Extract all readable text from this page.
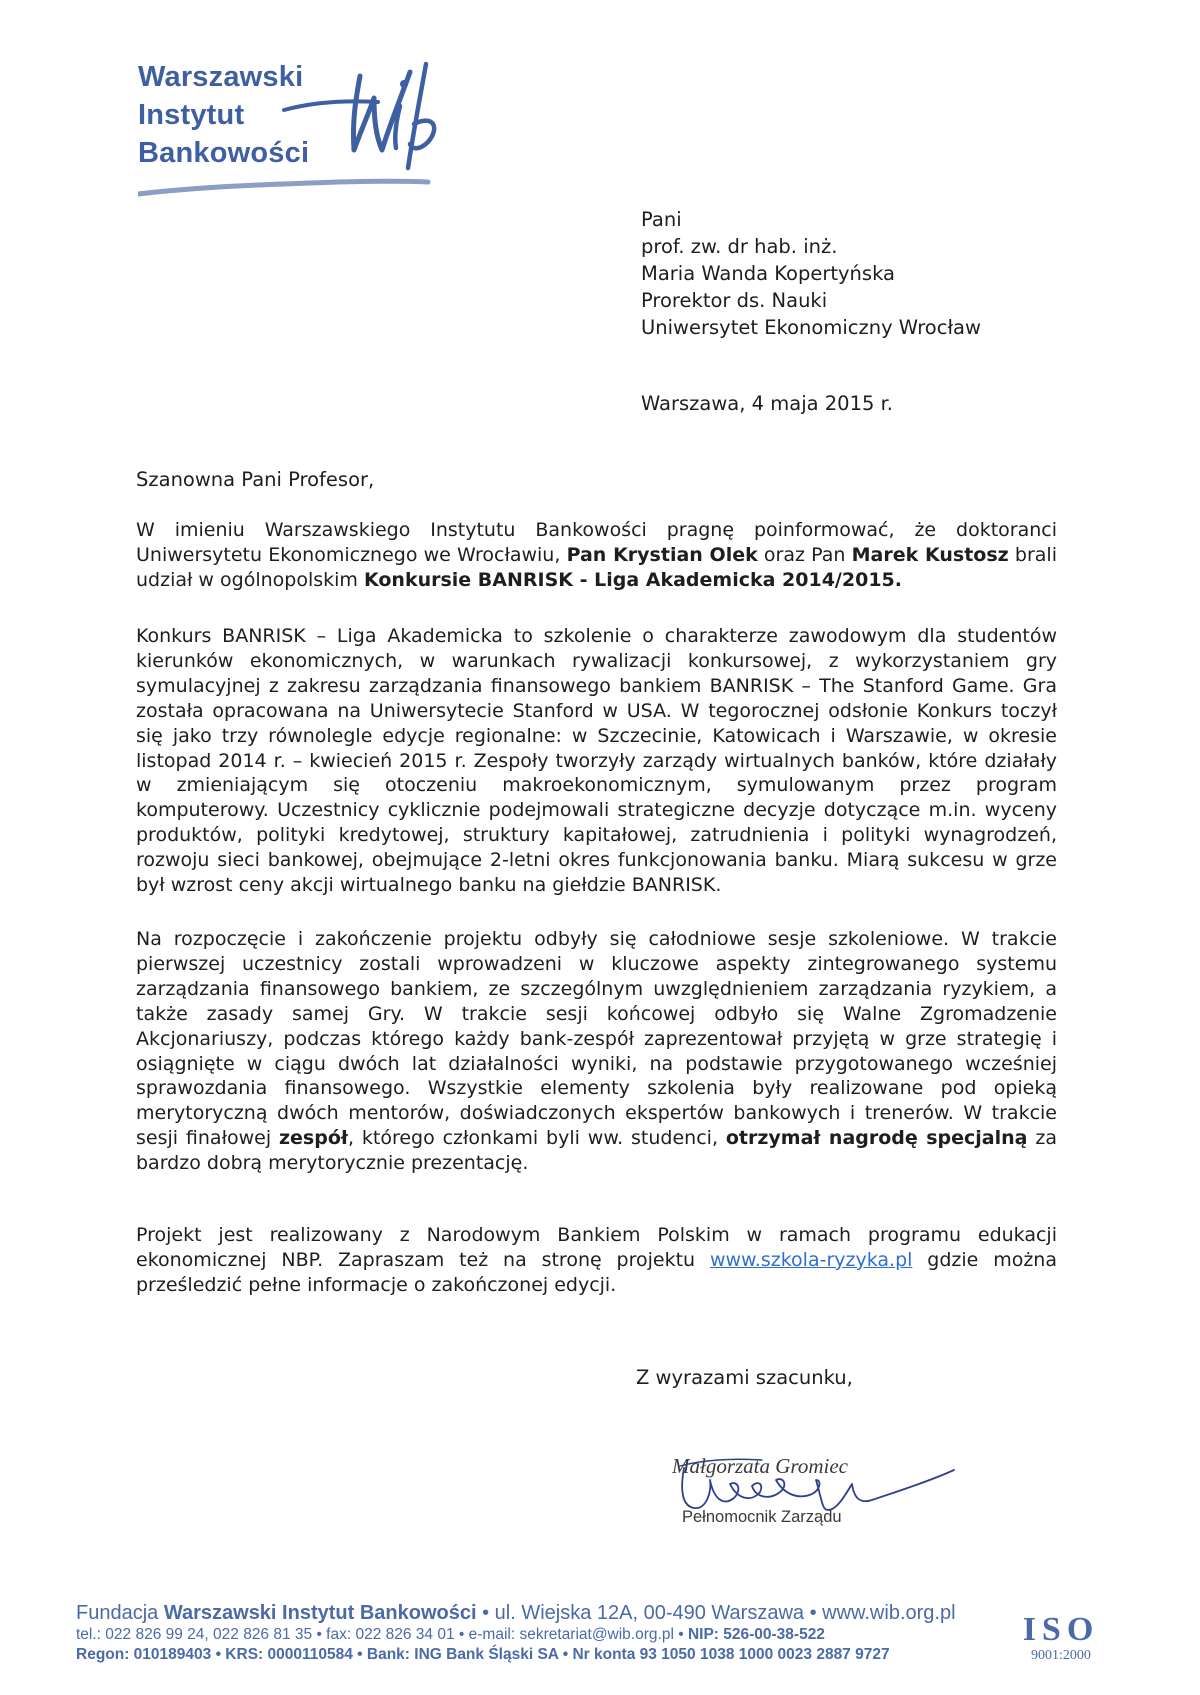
Warszawski
Instytut
Bankowości
Pani
prof. zw. dr hab. inż.
Maria Wanda Kopertyńska
Prorektor ds. Nauki
Uniwersytet Ekonomiczny Wrocław
Warszawa, 4 maja 2015 r.
Szanowna Pani Profesor,

W imieniu Warszawskiego Instytutu Bankowości pragnę poinformować, że doktoranci Uniwersytetu Ekonomicznego we Wrocławiu, Pan Krystian Olek oraz Pan Marek Kustosz brali udział w ogólnopolskim Konkursie BANRISK - Liga Akademicka 2014/2015.

Konkurs BANRISK – Liga Akademicka to szkolenie o charakterze zawodowym dla studentów kierunków ekonomicznych, w warunkach rywalizacji konkursowej, z wykorzystaniem gry symulacyjnej z zakresu zarządzania finansowego bankiem BANRISK – The Stanford Game. Gra została opracowana na Uniwersytecie Stanford w USA. W tegorocznej odsłonie Konkurs toczył się jako trzy równolegle edycje regionalne: w Szczecinie, Katowicach i Warszawie, w okresie listopad 2014 r. – kwiecień 2015 r. Zespoły tworzyły zarządy wirtualnych banków, które działały w zmieniającym się otoczeniu makroekonomicznym, symulowanym przez program komputerowy. Uczestnicy cyklicznie podejmowali strategiczne decyzje dotyczące m.in. wyceny produktów, polityki kredytowej, struktury kapitałowej, zatrudnienia i polityki wynagrodzeń, rozwoju sieci bankowej, obejmujące 2-letni okres funkcjonowania banku. Miarą sukcesu w grze był wzrost ceny akcji wirtualnego banku na giełdzie BANRISK.

Na rozpoczęcie i zakończenie projektu odbyły się całodniowe sesje szkoleniowe. W trakcie pierwszej uczestnicy zostali wprowadzeni w kluczowe aspekty zintegrowanego systemu zarządzania finansowego bankiem, ze szczególnym uwzględnieniem zarządzania ryzykiem, a także zasady samej Gry. W trakcie sesji końcowej odbyło się Walne Zgromadzenie Akcjonariuszy, podczas którego każdy bank-zespół zaprezentował przyjętą w grze strategię i osiągnięte w ciągu dwóch lat działalności wyniki, na podstawie przygotowanego wcześniej sprawozdania finansowego. Wszystkie elementy szkolenia były realizowane pod opieką merytoryczną dwóch mentorów, doświadczonych ekspertów bankowych i trenerów. W trakcie sesji finałowej zespół, którego członkami byli ww. studenci, otrzymał nagrodę specjalną za bardzo dobrą merytorycznie prezentację.

Projekt jest realizowany z Narodowym Bankiem Polskim w ramach programu edukacji ekonomicznej NBP. Zapraszam też na stronę projektu www.szkola-ryzyka.pl gdzie można prześledzić pełne informacje o zakończonej edycji.

Z wyrazami szacunku,
Małgorzata Gromiec
Pełnomocnik Zarządu
Fundacja Warszawski Instytut Bankowości • ul. Wiejska 12A, 00-490 Warszawa • www.wib.org.pl
tel.: 022 826 99 24, 022 826 81 35 • fax: 022 826 34 01 • e-mail: sekretariat@wib.org.pl • NIP: 526-00-38-522
Regon: 010189403 • KRS: 0000110584 • Bank: ING Bank Śląski SA • Nr konta 93 1050 1038 1000 0023 2887 9727
ISO
9001:2000
